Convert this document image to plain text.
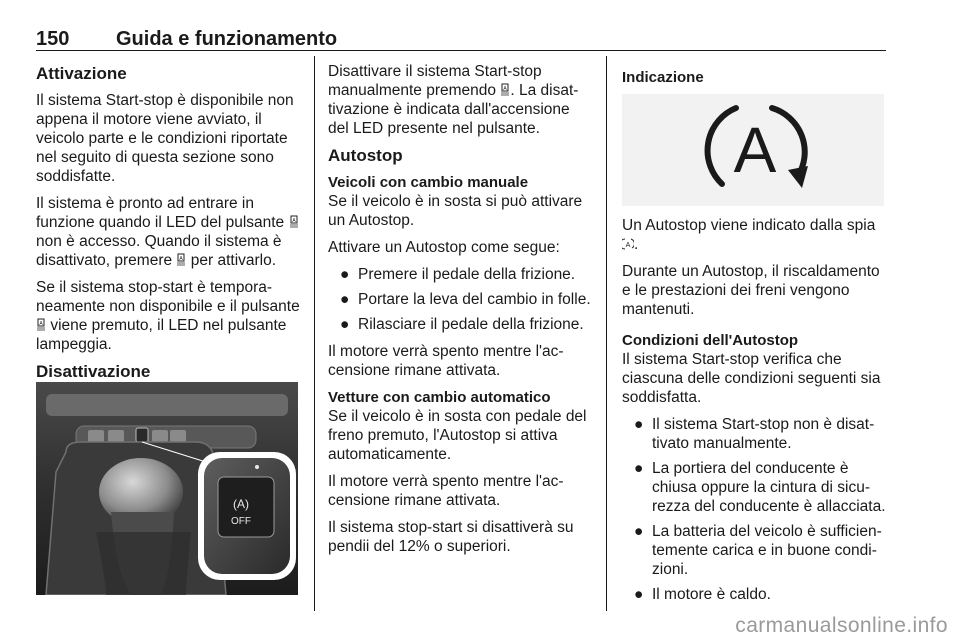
150 Guida e funzionamento
Attivazione

Il sistema Start-stop è disponibile non appena il motore viene avviato, il veicolo parte e le condizioni riportate nel seguito di questa sezione sono soddisfatte.

Il sistema è pronto ad entrare in funzione quando il LED del pulsante A
non è accesso. Quando il sistema è disattivato, premere A per attivarlo.

Se il sistema stop-start è temporaneamente non disponibile e il pulsante
A viene premuto, il LED nel pulsante lampeggia.

Disattivazione
(A)
OFF

Disattivare il sistema Start-stop manualmente premendo A . La disattivazione è indicata dall'accensione del LED presente nel pulsante.

Autostop
Veicoli con cambio manuale

Se il veicolo è in sosta si può attivare un Autostop.

Attivare un Autostop come segue:

● Premere il pedale della frizione.
● Portare la leva del cambio in folle.
● Rilasciare il pedale della frizione.

Il motore verrà spento mentre l'accensione rimane attivata.

Vetture con cambio automatico

Se il veicolo è in sosta con pedale del freno premuto, l'Autostop si attiva automaticamente.

Il motore verrà spento mentre l'accensione rimane attivata.

Il sistema stop-start si disattiverà su pendii del 12% o superiori.

Indicazione
A

Un Autostop viene indicato dalla spia
A .

Durante un Autostop, il riscaldamento e le prestazioni dei freni vengono mantenuti.

Condizioni dell'Autostop

Il sistema Start-stop verifica che ciascuna delle condizioni seguenti sia soddisfatta.

● Il sistema Start-stop non è disattivato manualmente.
● La portiera del conducente è chiusa oppure la cintura di sicurezza del conducente è allacciata.
● La batteria del veicolo è sufficientemente carica e in buone condizioni.
● Il motore è caldo.
carmanualsonline.info
